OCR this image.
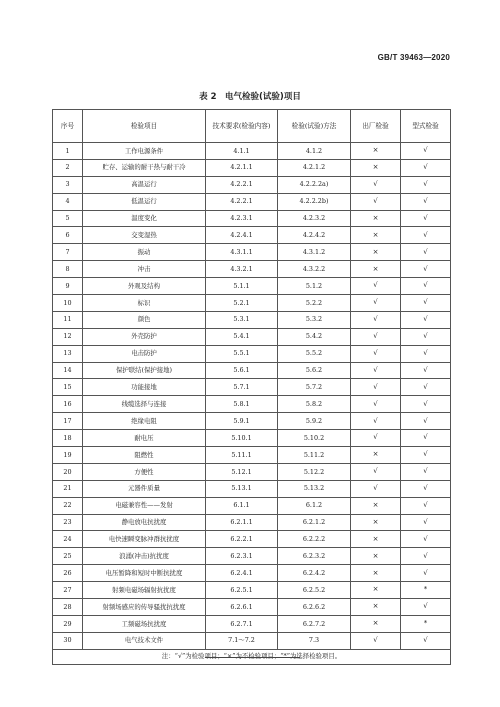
GB/T 39463—2020
表 2　电气检验(试验)项目
序号	检验项目	技术要求(检验内容)	检验(试验)方法	出厂检验	型式检验
1	工作电源条件	4.1.1	4.1.2	×	√
2	贮存、运输的耐干热与耐干冷	4.2.1.1	4.2.1.2	×	√
3	高温运行	4.2.2.1	4.2.2.2a)	√	√
4	低温运行	4.2.2.1	4.2.2.2b)	√	√
5	温度变化	4.2.3.1	4.2.3.2	×	√
6	交变湿热	4.2.4.1	4.2.4.2	×	√
7	振动	4.3.1.1	4.3.1.2	×	√
8	冲击	4.3.2.1	4.3.2.2	×	√
9	外观及结构	5.1.1	5.1.2	√	√
10	标识	5.2.1	5.2.2	√	√
11	颜色	5.3.1	5.3.2	√	√
12	外壳防护	5.4.1	5.4.2	√	√
13	电击防护	5.5.1	5.5.2	√	√
14	保护联结(保护接地)	5.6.1	5.6.2	√	√
15	功能接地	5.7.1	5.7.2	√	√
16	线缆选择与连接	5.8.1	5.8.2	√	√
17	绝缘电阻	5.9.1	5.9.2	√	√
18	耐电压	5.10.1	5.10.2	√	√
19	阻燃性	5.11.1	5.11.2	×	√
20	方便性	5.12.1	5.12.2	√	√
21	元器件质量	5.13.1	5.13.2	√	√
22	电磁兼容性——发射	6.1.1	6.1.2	×	√
23	静电放电抗扰度	6.2.1.1	6.2.1.2	×	√
24	电快速瞬变脉冲群抗扰度	6.2.2.1	6.2.2.2	×	√
25	浪涌(冲击)抗扰度	6.2.3.1	6.2.3.2	×	√
26	电压暂降和短时中断抗扰度	6.2.4.1	6.2.4.2	×	√
27	射频电磁场辐射抗扰度	6.2.5.1	6.2.5.2	×	*
28	射频场感应的传导骚扰抗扰度	6.2.6.1	6.2.6.2	×	√
29	工频磁场抗扰度	6.2.7.1	6.2.7.2	×	*
30	电气技术文件	7.1～7.2	7.3	√	√
注：“√”为检验项目；“×”为不检验项目；“*”为选择检验项目。					
